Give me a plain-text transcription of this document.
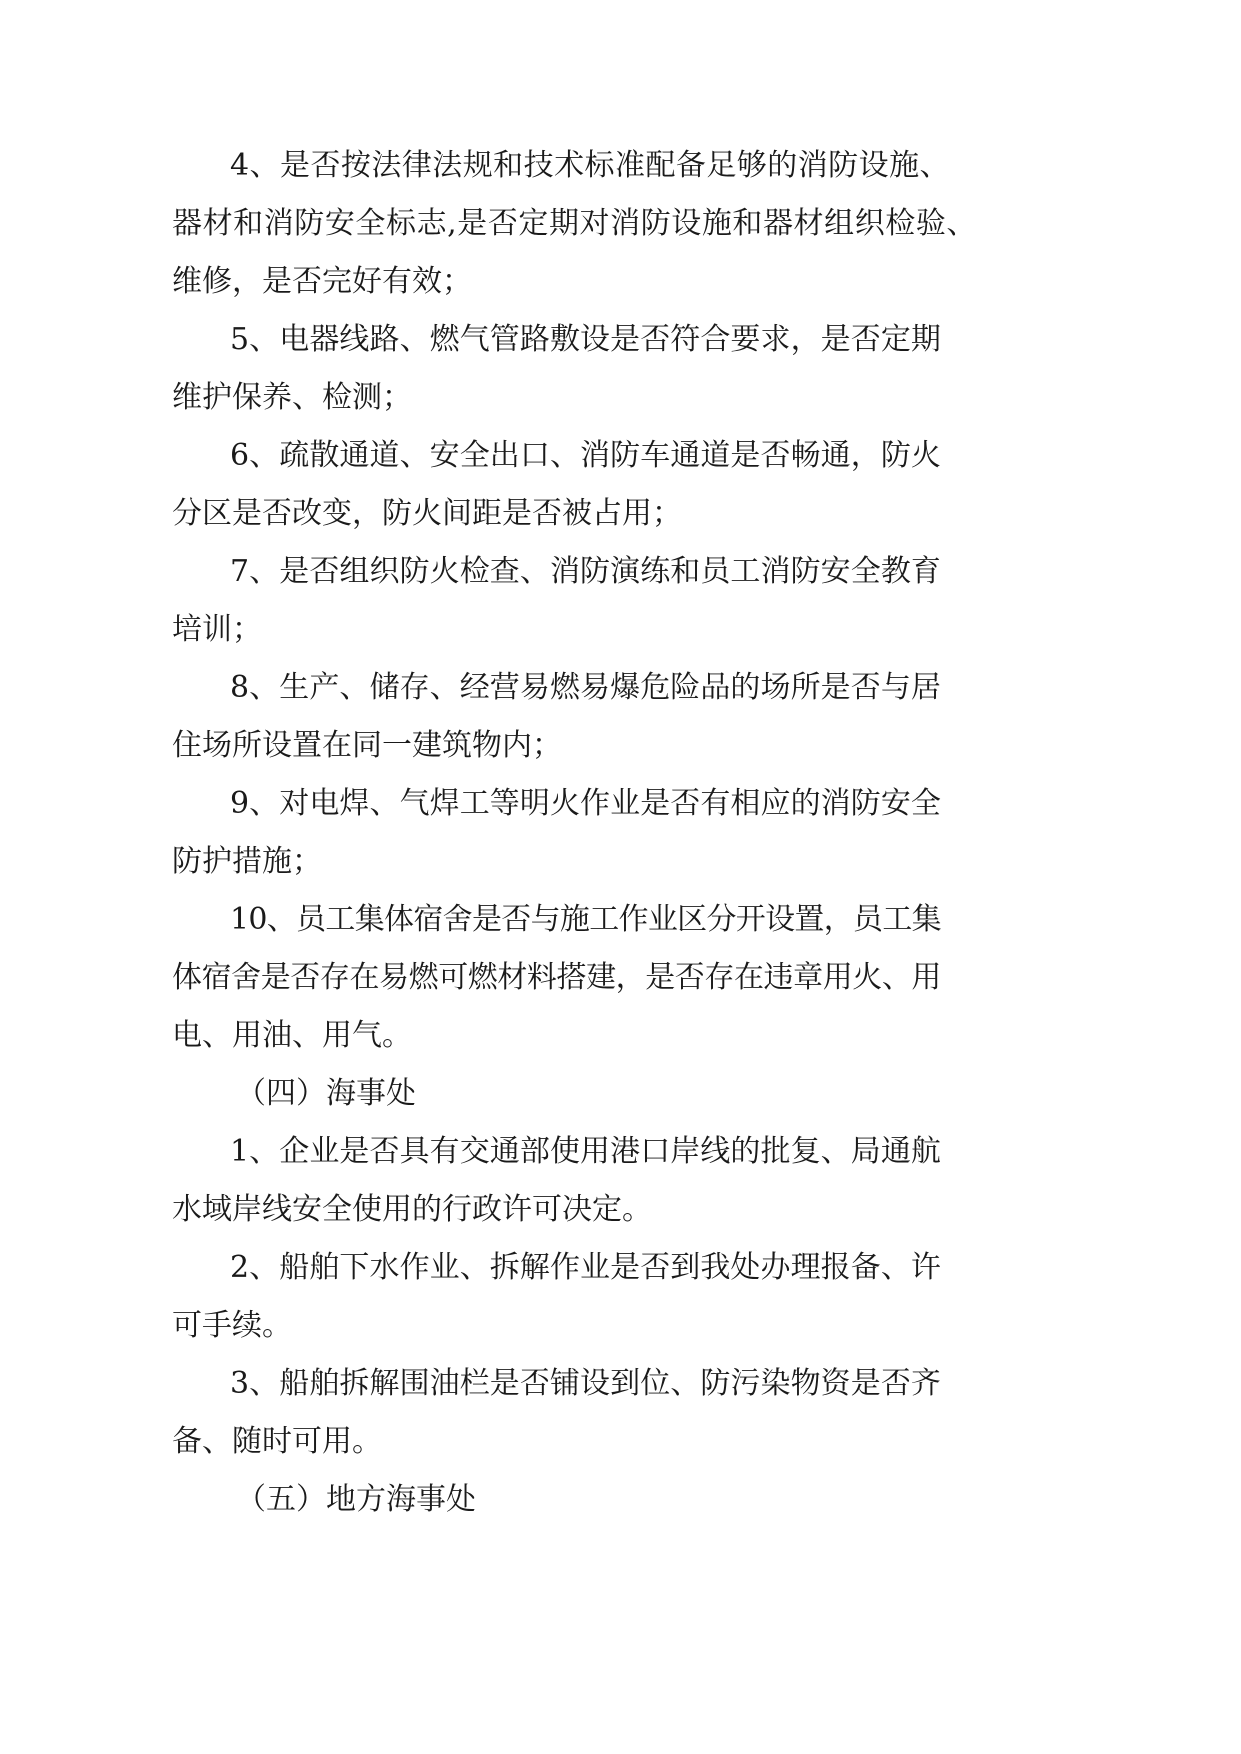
4、是否按法律法规和技术标准配备足够的消防设施、

器材和消防安全标志,是否定期对消防设施和器材组织检验、

维修，是否完好有效；

5、电器线路、燃气管路敷设是否符合要求，是否定期

维护保养、检测；

6、疏散通道、安全出口、消防车通道是否畅通，防火

分区是否改变，防火间距是否被占用；

7、是否组织防火检查、消防演练和员工消防安全教育

培训；

8、生产、储存、经营易燃易爆危险品的场所是否与居

住场所设置在同一建筑物内；

9、对电焊、气焊工等明火作业是否有相应的消防安全

防护措施；

10、员工集体宿舍是否与施工作业区分开设置，员工集

体宿舍是否存在易燃可燃材料搭建，是否存在违章用火、用

电、用油、用气。

（四）海事处

1、企业是否具有交通部使用港口岸线的批复、局通航

水域岸线安全使用的行政许可决定。

2、船舶下水作业、拆解作业是否到我处办理报备、许

可手续。

3、船舶拆解围油栏是否铺设到位、防污染物资是否齐

备、随时可用。

（五）地方海事处
